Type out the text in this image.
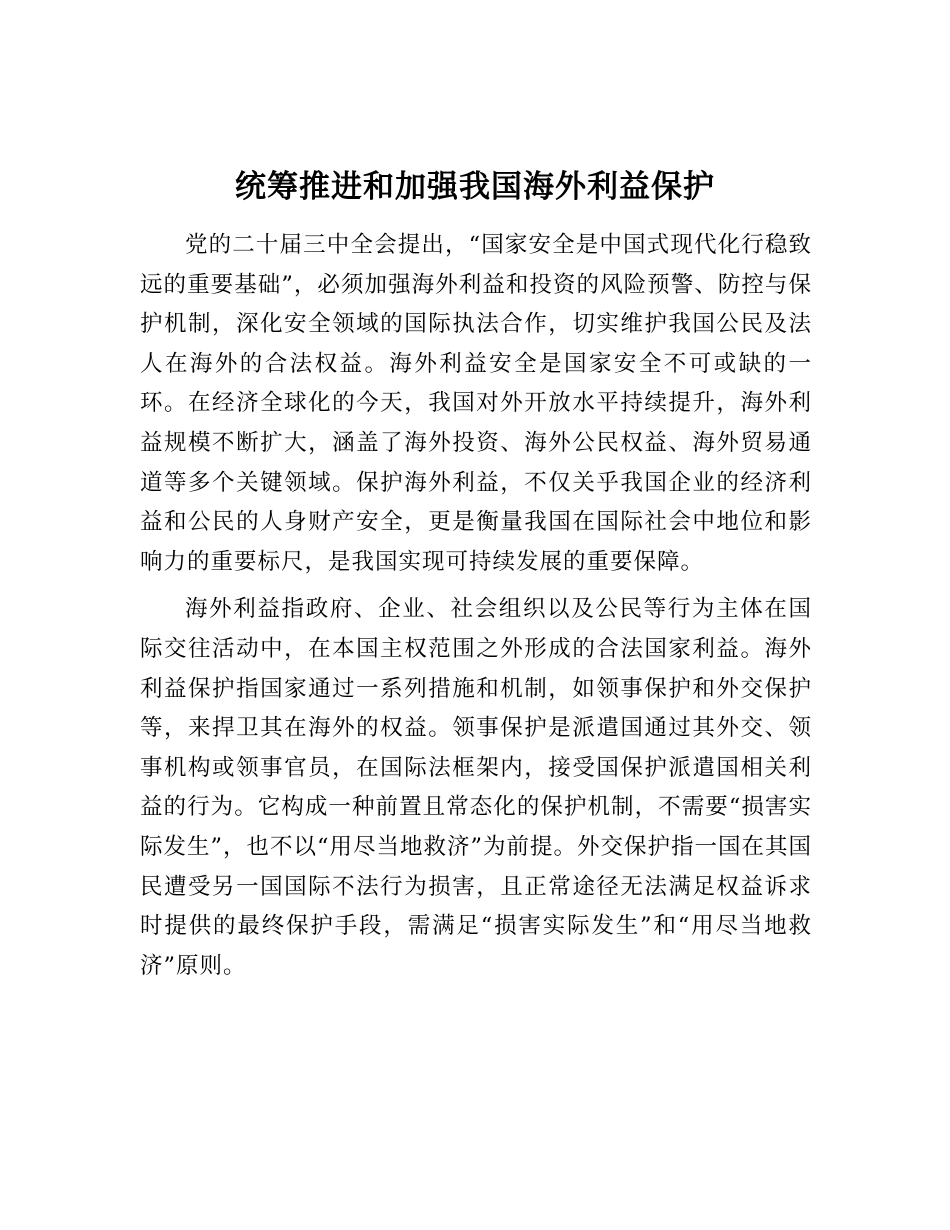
统筹推进和加强我国海外利益保护

党的二十届三中全会提出，“国家安全是中国式现代化行稳致远的重要基础”，必须加强海外利益和投资的风险预警、防控与保护机制，深化安全领域的国际执法合作，切实维护我国公民及法人在海外的合法权益。海外利益安全是国家安全不可或缺的一环。在经济全球化的今天，我国对外开放水平持续提升，海外利益规模不断扩大，涵盖了海外投资、海外公民权益、海外贸易通道等多个关键领域。保护海外利益，不仅关乎我国企业的经济利益和公民的人身财产安全，更是衡量我国在国际社会中地位和影响力的重要标尺，是我国实现可持续发展的重要保障。

海外利益指政府、企业、社会组织以及公民等行为主体在国际交往活动中，在本国主权范围之外形成的合法国家利益。海外利益保护指国家通过一系列措施和机制，如领事保护和外交保护等，来捍卫其在海外的权益。领事保护是派遣国通过其外交、领事机构或领事官员，在国际法框架内，接受国保护派遣国相关利益的行为。它构成一种前置且常态化的保护机制，不需要“损害实际发生”，也不以“用尽当地救济”为前提。外交保护指一国在其国民遭受另一国国际不法行为损害，且正常途径无法满足权益诉求时提供的最终保护手段，需满足“损害实际发生”和“用尽当地救济”原则。
